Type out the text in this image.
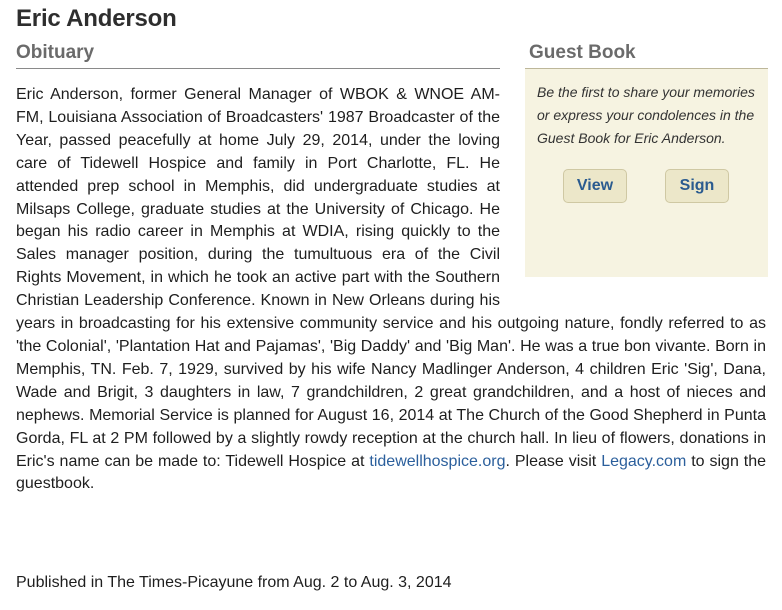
Eric Anderson
Obituary	Guest Book

Be the first to share your memories or express your condolences in the Guest Book for Eric Anderson.

View	Sign

Eric Anderson, former General Manager of WBOK & WNOE AM-FM, Louisiana Association of Broadcasters' 1987 Broadcaster of the Year, passed peacefully at home July 29, 2014, under the loving care of Tidewell Hospice and family in Port Charlotte, FL. He attended prep school in Memphis, did undergraduate studies at Milsaps College, graduate studies at the University of Chicago. He began his radio career in Memphis at WDIA, rising quickly to the Sales manager position, during the tumultuous era of the Civil Rights Movement, in which he took an active part with the Southern Christian Leadership Conference. Known in New Orleans during his years in broadcasting for his extensive community service and his outgoing nature, fondly referred to as 'the Colonial', 'Plantation Hat and Pajamas', 'Big Daddy' and 'Big Man'. He was a true bon vivante. Born in Memphis, TN. Feb. 7, 1929, survived by his wife Nancy Madlinger Anderson, 4 children Eric 'Sig', Dana, Wade and Brigit, 3 daughters in law, 7 grandchildren, 2 great grandchildren, and a host of nieces and nephews. Memorial Service is planned for August 16, 2014 at The Church of the Good Shepherd in Punta Gorda, FL at 2 PM followed by a slightly rowdy reception at the church hall. In lieu of flowers, donations in Eric's name can be made to: Tidewell Hospice at tidewellhospice.org. Please visit Legacy.com to sign the guestbook.

Published in The Times-Picayune from Aug. 2 to Aug. 3, 2014
